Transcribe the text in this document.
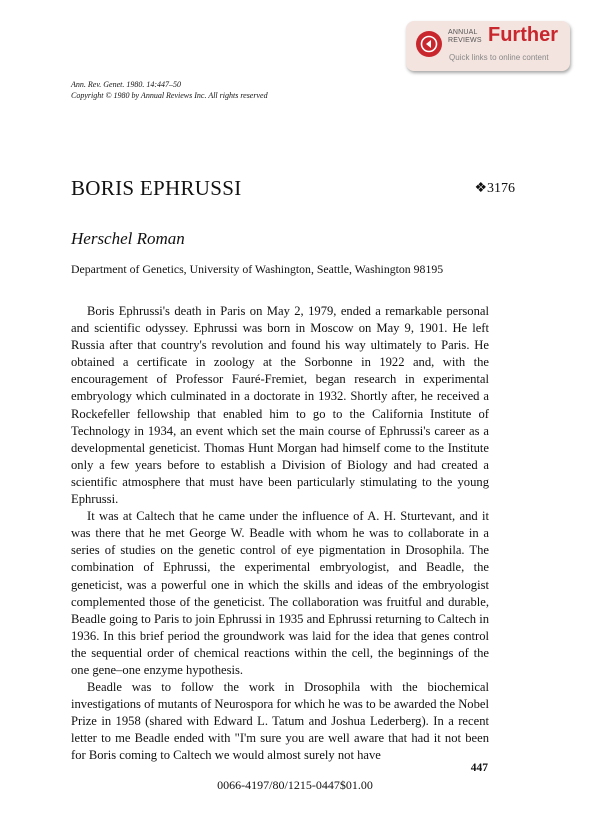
ANNUAL
REVIEWS Further
Quick links to online content
Ann. Rev. Genet. 1980. 14:447–50
Copyright © 1980 by Annual Reviews Inc. All rights reserved
BORIS EPHRUSSI	❖3176
Herschel Roman
Department of Genetics, University of Washington, Seattle, Washington 98195

Boris Ephrussi's death in Paris on May 2, 1979, ended a remarkable personal and scientific odyssey. Ephrussi was born in Moscow on May 9, 1901. He left Russia after that country's revolution and found his way ultimately to Paris. He obtained a certificate in zoology at the Sorbonne in 1922 and, with the encouragement of Professor Fauré-Fremiet, began research in experimental embryology which culminated in a doctorate in 1932. Shortly after, he received a Rockefeller fellowship that enabled him to go to the California Institute of Technology in 1934, an event which set the main course of Ephrussi's career as a developmental geneticist. Thomas Hunt Morgan had himself come to the Institute only a few years before to establish a Division of Biology and had created a scientific atmosphere that must have been particularly stimulating to the young Ephrussi.

It was at Caltech that he came under the influence of A. H. Sturtevant, and it was there that he met George W. Beadle with whom he was to collaborate in a series of studies on the genetic control of eye pigmentation in Drosophila. The combination of Ephrussi, the experimental embryologist, and Beadle, the geneticist, was a powerful one in which the skills and ideas of the embryologist complemented those of the geneticist. The collaboration was fruitful and durable, Beadle going to Paris to join Ephrussi in 1935 and Ephrussi returning to Caltech in 1936. In this brief period the groundwork was laid for the idea that genes control the sequential order of chemical reactions within the cell, the beginnings of the one gene–one enzyme hypothesis.

Beadle was to follow the work in Drosophila with the biochemical investigations of mutants of Neurospora for which he was to be awarded the Nobel Prize in 1958 (shared with Edward L. Tatum and Joshua Lederberg). In a recent letter to me Beadle ended with "I'm sure you are well aware that had it not been for Boris coming to Caltech we would almost surely not have

447
0066-4197/80/1215-0447$01.00
